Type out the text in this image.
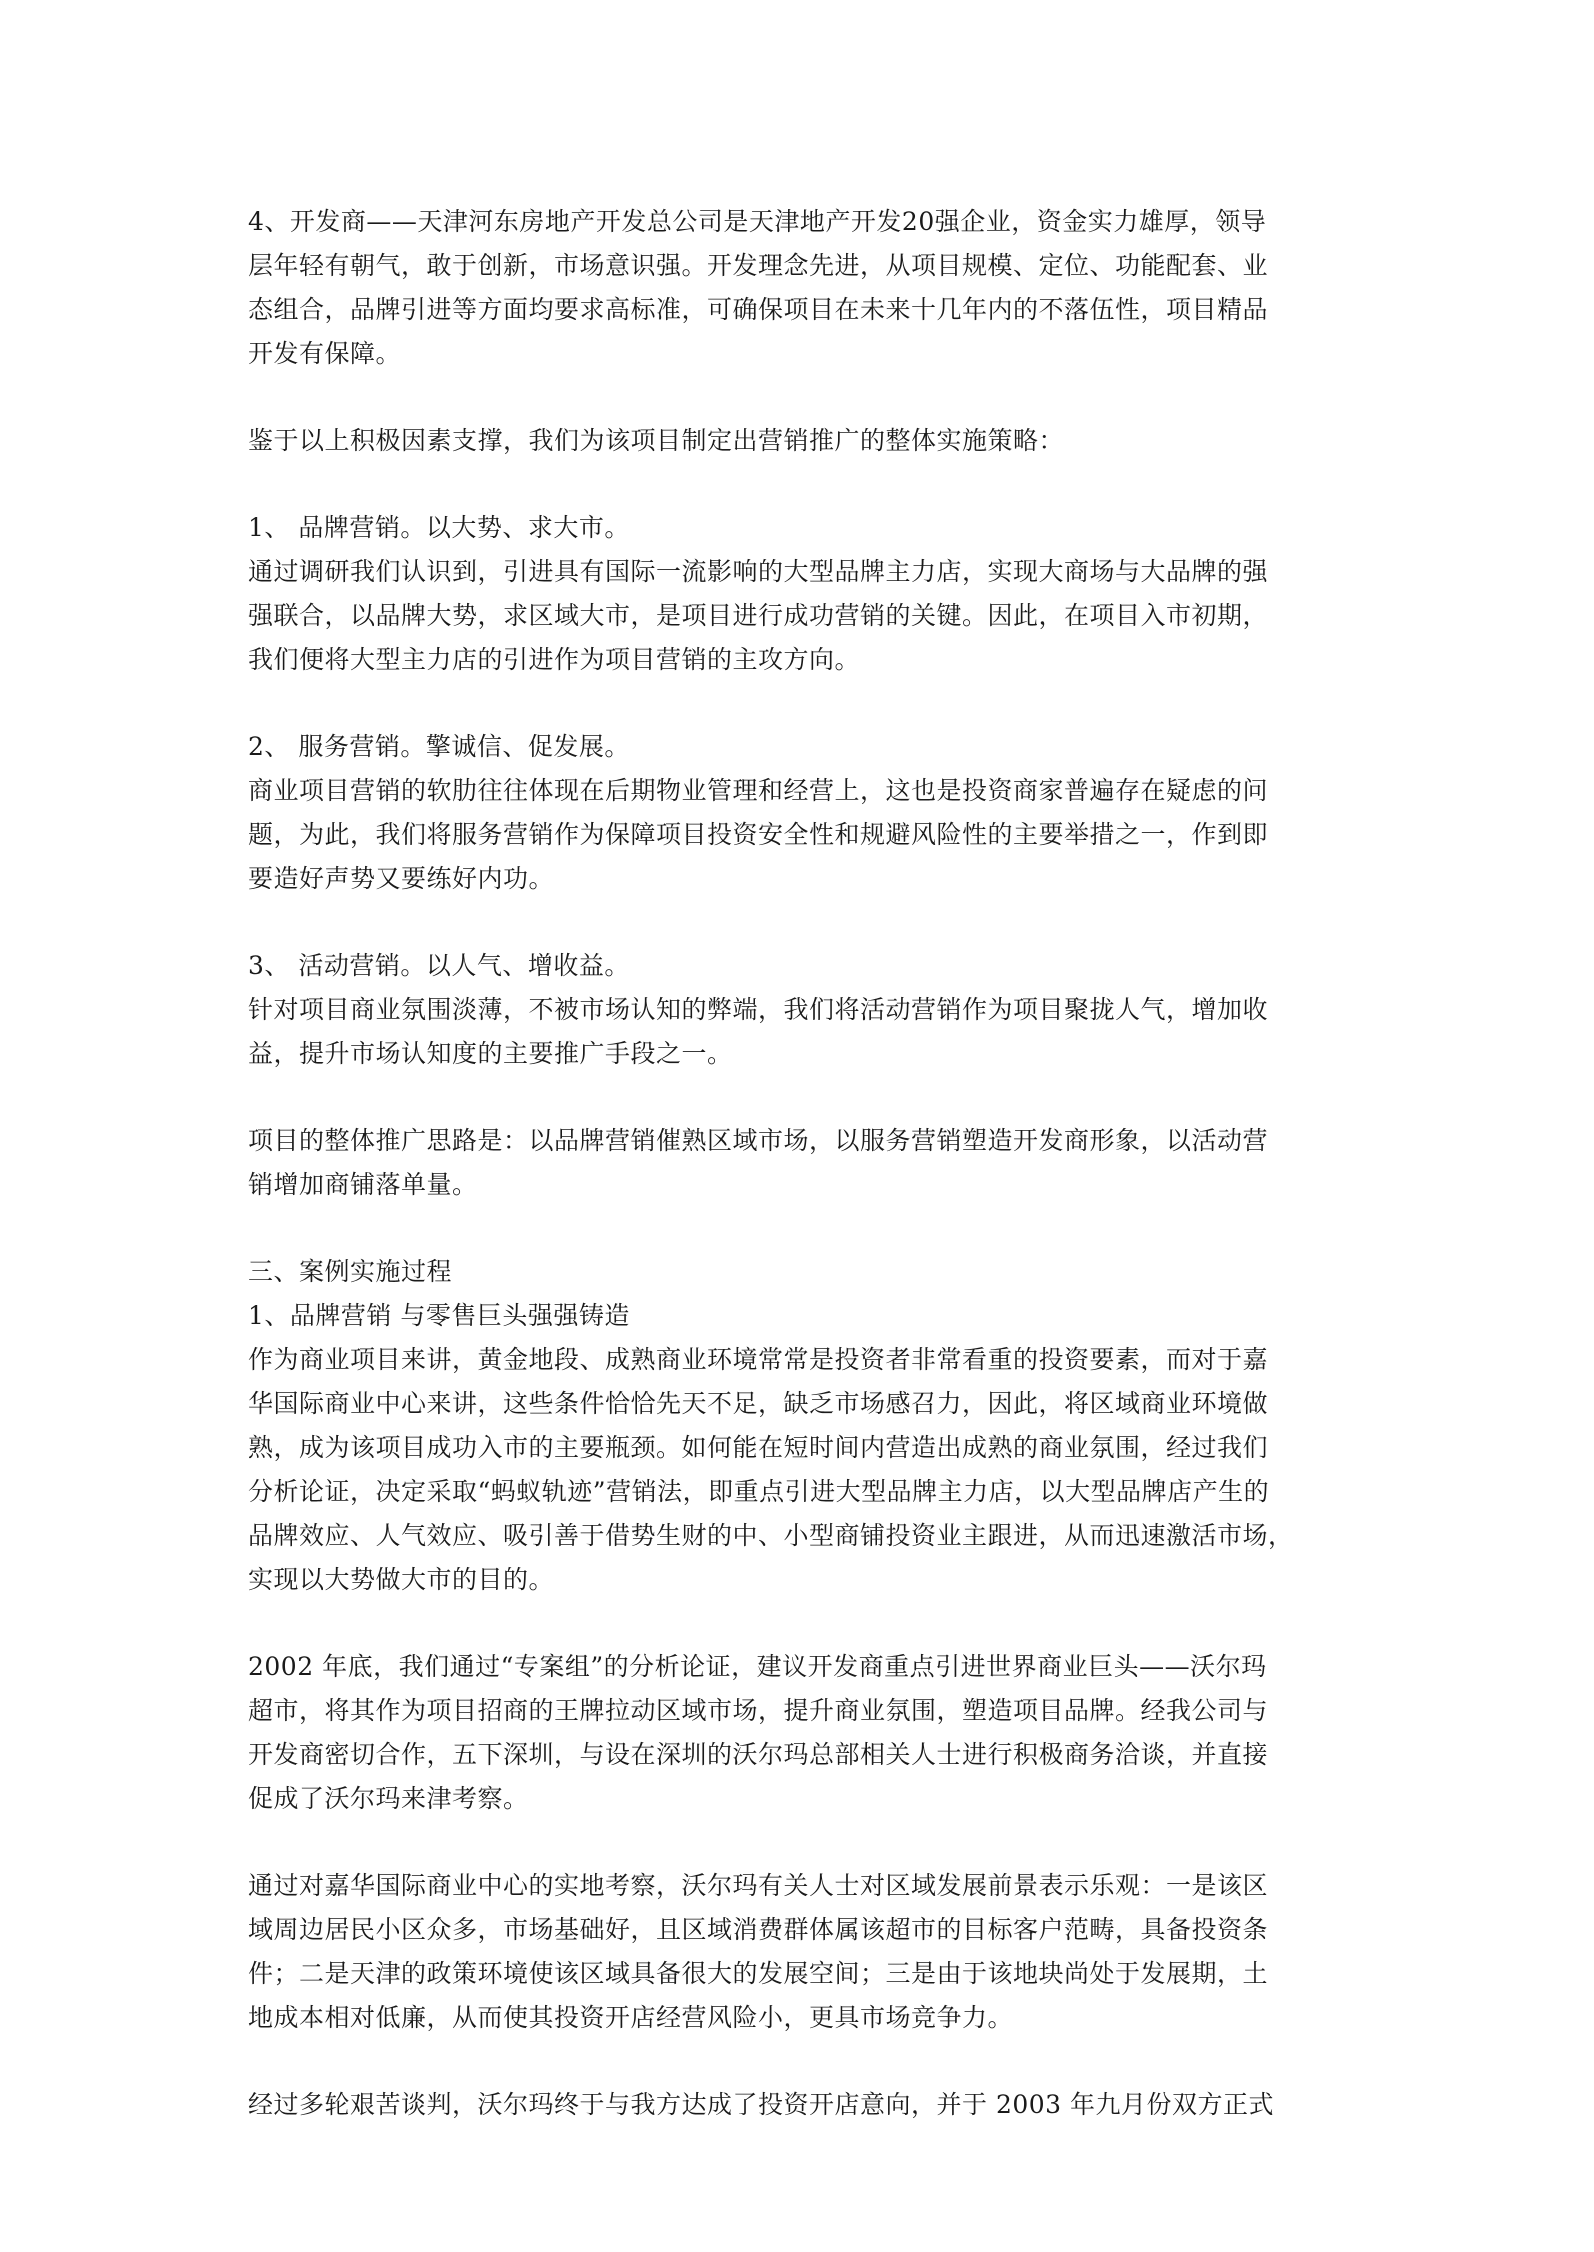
4、开发商——天津河东房地产开发总公司是天津地产开发20强企业，资金实力雄厚，领导
层年轻有朝气，敢于创新，市场意识强。开发理念先进，从项目规模、定位、功能配套、业
态组合，品牌引进等方面均要求高标准，可确保项目在未来十几年内的不落伍性，项目精品
开发有保障。

鉴于以上积极因素支撑，我们为该项目制定出营销推广的整体实施策略：

1、 品牌营销。以大势、求大市。
通过调研我们认识到，引进具有国际一流影响的大型品牌主力店，实现大商场与大品牌的强
强联合，以品牌大势，求区域大市，是项目进行成功营销的关键。因此，在项目入市初期，
我们便将大型主力店的引进作为项目营销的主攻方向。

2、 服务营销。擎诚信、促发展。
商业项目营销的软肋往往体现在后期物业管理和经营上，这也是投资商家普遍存在疑虑的问
题，为此，我们将服务营销作为保障项目投资安全性和规避风险性的主要举措之一，作到即
要造好声势又要练好内功。

3、 活动营销。以人气、增收益。
针对项目商业氛围淡薄，不被市场认知的弊端，我们将活动营销作为项目聚拢人气，增加收
益，提升市场认知度的主要推广手段之一。

项目的整体推广思路是：以品牌营销催熟区域市场，以服务营销塑造开发商形象，以活动营
销增加商铺落单量。

三、案例实施过程
1、品牌营销 与零售巨头强强铸造
作为商业项目来讲，黄金地段、成熟商业环境常常是投资者非常看重的投资要素，而对于嘉
华国际商业中心来讲，这些条件恰恰先天不足，缺乏市场感召力，因此，将区域商业环境做
熟，成为该项目成功入市的主要瓶颈。如何能在短时间内营造出成熟的商业氛围，经过我们
分析论证，决定采取“蚂蚁轨迹”营销法，即重点引进大型品牌主力店，以大型品牌店产生的
品牌效应、人气效应、吸引善于借势生财的中、小型商铺投资业主跟进，从而迅速激活市场，
实现以大势做大市的目的。

2002 年底，我们通过“专案组”的分析论证，建议开发商重点引进世界商业巨头——沃尔玛
超市，将其作为项目招商的王牌拉动区域市场，提升商业氛围，塑造项目品牌。经我公司与
开发商密切合作，五下深圳，与设在深圳的沃尔玛总部相关人士进行积极商务洽谈，并直接
促成了沃尔玛来津考察。

通过对嘉华国际商业中心的实地考察，沃尔玛有关人士对区域发展前景表示乐观：一是该区
域周边居民小区众多，市场基础好，且区域消费群体属该超市的目标客户范畴，具备投资条
件；二是天津的政策环境使该区域具备很大的发展空间；三是由于该地块尚处于发展期，土
地成本相对低廉，从而使其投资开店经营风险小，更具市场竞争力。

经过多轮艰苦谈判，沃尔玛终于与我方达成了投资开店意向，并于 2003 年九月份双方正式
